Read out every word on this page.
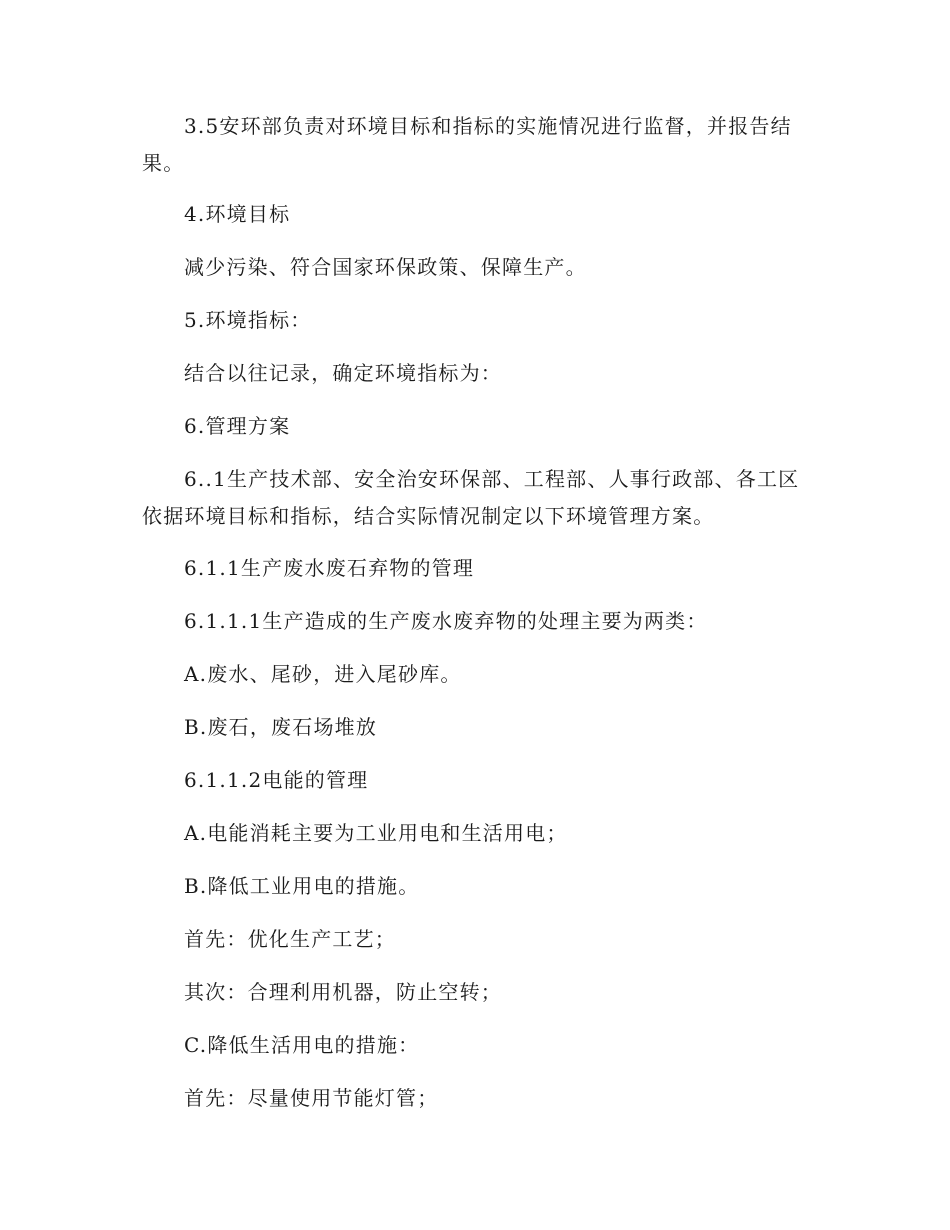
3.5安环部负责对环境目标和指标的实施情况进行监督，并报告结果。

4.环境目标

减少污染、符合国家环保政策、保障生产。

5.环境指标：

结合以往记录，确定环境指标为：

6.管理方案

6..1生产技术部、安全治安环保部、工程部、人事行政部、各工区依据环境目标和指标，结合实际情况制定以下环境管理方案。

6.1.1生产废水废石弃物的管理

6.1.1.1生产造成的生产废水废弃物的处理主要为两类：

A.废水、尾砂，进入尾砂库。

B.废石，废石场堆放

6.1.1.2电能的管理

A.电能消耗主要为工业用电和生活用电；

B.降低工业用电的措施。

首先：优化生产工艺；

其次：合理利用机器，防止空转；

C.降低生活用电的措施：

首先：尽量使用节能灯管；
